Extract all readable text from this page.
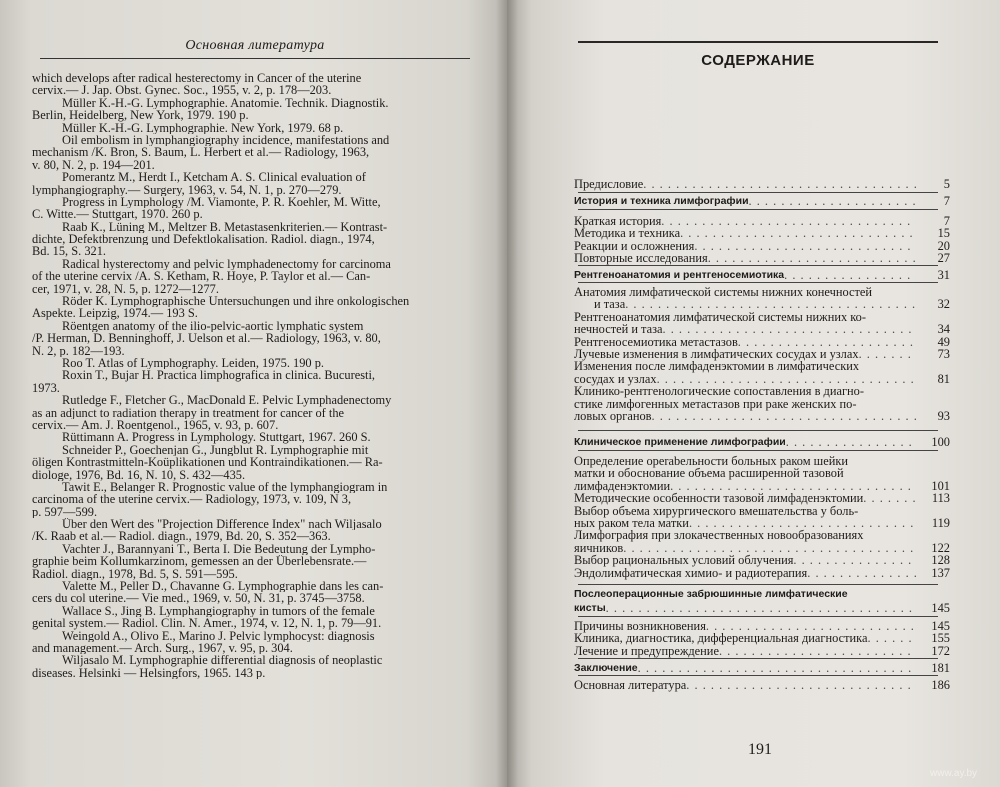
Основная литература
which develops after radical hesterectomy in Cancer of the uterine
cervix.— J. Jap. Obst. Gynec. Soc., 1955, v. 2, p. 178—203.
Müller K.-H.-G. Lymphographie. Anatomie. Technik. Diagnostik.
Berlin, Heidelberg, New York, 1979. 190 p.
Müller K.-H.-G. Lymphographie. New York, 1979. 68 p.
Oil embolism in lymphangiography incidence, manifestations and
mechanism /K. Bron, S. Baum, L. Herbert et al.— Radiology, 1963,
v. 80, N. 2, p. 194—201.
Pomerantz M., Herdt I., Ketcham A. S. Clinical evaluation of
lymphangiography.— Surgery, 1963, v. 54, N. 1, p. 270—279.
Progress in Lymphology /M. Viamonte, P. R. Koehler, M. Witte,
C. Witte.— Stuttgart, 1970. 260 p.
Raab K., Lüning M., Meltzer B. Metastasenkriterien.— Kontrast-
dichte, Defektbrenzung und Defektlokalisation. Radiol. diagn., 1974,
Bd. 15, S. 321.
Radical hysterectomy and pelvic lymphadenectomy for carcinoma
of the uterine cervix /A. S. Ketham, R. Hoye, P. Taylor et al.— Can-
cer, 1971, v. 28, N. 5, p. 1272—1277.
Röder K. Lymphographische Untersuchungen und ihre onkologischen
Aspekte. Leipzig, 1974.— 193 S.
Röentgen anatomy of the ilio-pelvic-aortic lymphatic system
/P. Herman, D. Benninghoff, J. Uelson et al.— Radiology, 1963, v. 80,
N. 2, p. 182—193.
Roo T. Atlas of Lymphography. Leiden, 1975. 190 p.
Roxin T., Bujar H. Practica limphografica in clinica. Bucuresti,
1973.
Rutledge F., Fletcher G., MacDonald E. Pelvic Lymphadenectomy
as an adjunct to radiation therapy in treatment for cancer of the
cervix.— Am. J. Roentgenol., 1965, v. 93, p. 607.
Rüttimann A. Progress in Lymphology. Stuttgart, 1967. 260 S.
Schneider P., Goechenjan G., Jungblut R. Lymphographie mit
öligen Kontrastmitteln-Koüplikationen und Kontraindikationen.— Ra-
diologe, 1976, Bd. 16, N. 10, S. 432—435.
Tawit E., Belanger R. Prognostic value of the lymphangiogram in
carcinoma of the uterine cervix.— Radiology, 1973, v. 109, N 3,
p. 597—599.
Über den Wert des "Projection Difference Index" nach Wiljasalo
/K. Raab et al.— Radiol. diagn., 1979, Bd. 20, S. 352—363.
Vachter J., Barannyani T., Berta I. Die Bedeutung der Lympho-
graphie beim Kollumkarzinom, gemessen an der Überlebensrate.—
Radiol. diagn., 1978, Bd. 5, S. 591—595.
Valette M., Peller D., Chavanne G. Lymphographie dans les can-
cers du col uterine.— Vie med., 1969, v. 50, N. 31, p. 3745—3758.
Wallace S., Jing B. Lymphangiography in tumors of the female
genital system.— Radiol. Clin. N. Amer., 1974, v. 12, N. 1, p. 79—91.
Weingold A., Olivo E., Marino J. Pelvic lymphocyst: diagnosis
and management.— Arch. Surg., 1967, v. 95, p. 304.
Wiljasalo M. Lymphographie differential diagnosis of neoplastic
diseases. Helsinki — Helsingfors, 1965. 143 p.
СОДЕРЖАНИЕ
Предисловие . . .	5
История и техника лимфографии . . .	7
Краткая история . . .	7
Методика и техника . . .	15
Реакции и осложнения . . .	20
Повторные исследования . . .	27
Рентгеноанатомия и рентгеносемиотика . . .	31
Анатомия лимфатической системы нижних конечностей
и таза . . .	32
Рентгеноанатомия лимфатической системы нижних ко-
нечностей и таза . . .	34
Рентгеносемиотика метастазов . . .	49
Лучевые изменения в лимфатических сосудах и узлах . . .	73
Изменения после лимфаденэктомии в лимфатических
сосудах и узлах . . .	81
Клинико-рентгенологические сопоставления в диагно-
стике лимфогенных метастазов при раке женских по-
ловых органов . . .	93
Клиническое применение лимфографии . . .	100
Определение operabельности больных раком шейки
матки и обоснование объема расширенной тазовой
лимфаденэктомии . . .	101
Методические особенности тазовой лимфаденэктомии . . .	113
Выбор объема хирургического вмешательства у боль-
ных раком тела матки . . .	119
Лимфография при злокачественных новообразованиях
яичников . . .	122
Выбор рациональных условий облучения . . .	128
Эндолимфатическая химио- и радиотерапия . . .	137
Послеоперационные забрюшинные лимфатические
кисты . . .	145
Причины возникновения . . .	145
Клиника, диагностика, дифференциальная диагностика . . .	155
Лечение и предупреждение . . .	172
Заключение . . .	181
Основная литература . . .	186
191
www.ay.by
